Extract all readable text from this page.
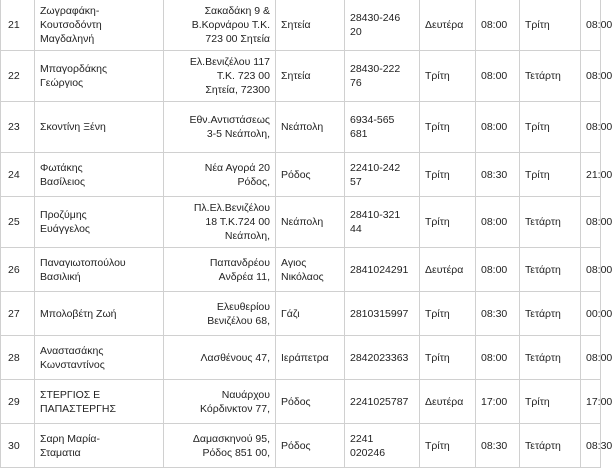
21	Ζωγραφάκη-
Κουτσοδόντη
Μαγδαληνή	Σακαδάκη 9 &
Β.Κορνάρου Τ.Κ.
723 00 Σητεία	Σητεία	28430-246
20	Δευτέρα	08:00	Τρίτη	08:00
22	Μπαγορδάκης
Γεώργιος	Ελ.Βενιζέλου 117
Τ.Κ. 723 00
Σητεία, 72300	Σητεία	28430-222
76	Τρίτη	08:00	Τετάρτη	08:00
23	Σκοντίνη Ξένη	Εθν.Αντιστάσεως
3-5 Νεάπολη,	Νεάπολη	6934-565
681	Τρίτη	08:00	Τρίτη	08:00
24	Φωτάκης
Βασίλειος	Νέα Αγορά 20
Ρόδος,	Ρόδος	22410-242
57	Τρίτη	08:30	Τρίτη	21:00
25	Προζύμης
Ευάγγελος	Πλ.Ελ.Βενιζέλου
18 Τ.Κ.724 00
Νεάπολη,	Νεάπολη	28410-321
44	Τρίτη	08:00	Τετάρτη	08:00
26	Παναγιωτοπούλου
Βασιλική	Παπανδρέου
Ανδρέα 11,	Αγιος
Νικόλαος	2841024291	Δευτέρα	08:00	Τετάρτη	08:00
27	Μπολοβέτη Ζωή	Ελευθερίου
Βενιζέλου 68,	Γάζι	2810315997	Τρίτη	08:30	Τετάρτη	00:00
28	Αναστασάκης
Κωνσταντίνος	Λασθένους 47,	Ιεράπετρα	2842023363	Τρίτη	08:00	Τετάρτη	08:00
29	ΣΤΕΡΓΙΟΣ Ε
ΠΑΠΑΣΤΕΡΓΗΣ	Ναυάρχου
Κόρδινκτον 77,	Ρόδος	2241025787	Δευτέρα	17:00	Τρίτη	17:00
30	Σαρη Μαρία-
Σταματια	Δαμασκηνού 95,
Ρόδος 851 00,	Ρόδος	2241
020246	Τρίτη	08:30	Τετάρτη	08:30
